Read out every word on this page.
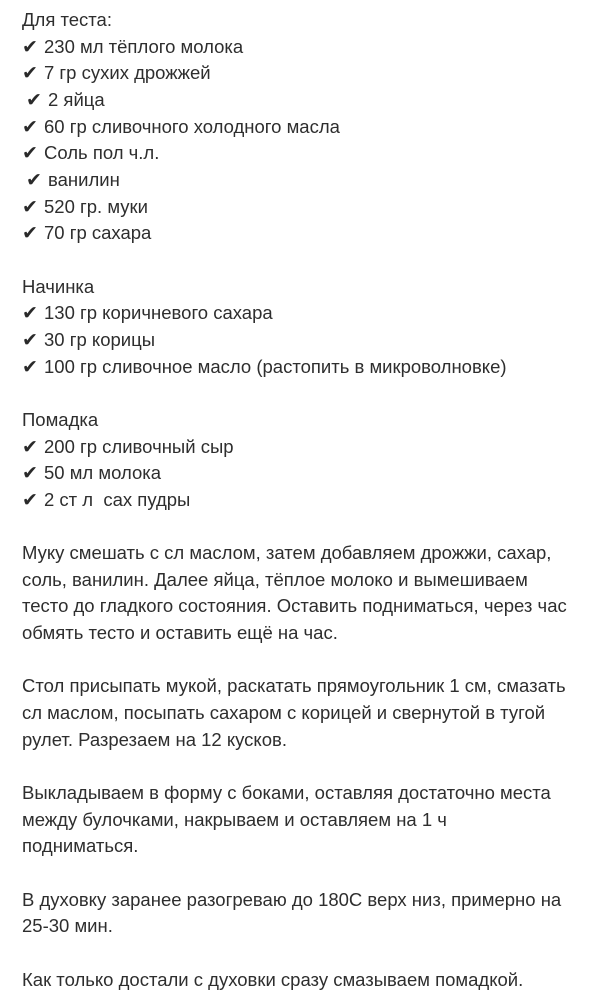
Для теста:
✔ 230 мл тёплого молока
✔ 7 гр сухих дрожжей
✔ 2 яйца
✔ 60 гр сливочного холодного масла
✔ Соль пол ч.л.
✔ ванилин
✔ 520 гр. муки
✔ 70 гр сахара
Начинка
✔ 130 гр коричневого сахара
✔ 30 гр корицы
✔ 100 гр сливочное масло (растопить в микроволновке)
Помадка
✔ 200 гр сливочный сыр
✔ 50 мл молока
✔ 2 ст л  сах пудры
Муку смешать с сл маслом, затем добавляем дрожжи, сахар,
соль, ванилин. Далее яйца, тёплое молоко и вымешиваем
тесто до гладкого состояния. Оставить подниматься, через час
обмять тесто и оставить ещё на час.
Стол присыпать мукой, раскатать прямоугольник 1 см, смазать
сл маслом, посыпать сахаром с корицей и свернутой в тугой
рулет. Разрезаем на 12 кусков.
Выкладываем в форму с боками, оставляя достаточно места
между булочками, накрываем и оставляем на 1 ч
подниматься.
В духовку заранее разогреваю до 180С верх низ, примерно на
25-30 мин.
Как только достали с духовки сразу смазываем помадкой.
